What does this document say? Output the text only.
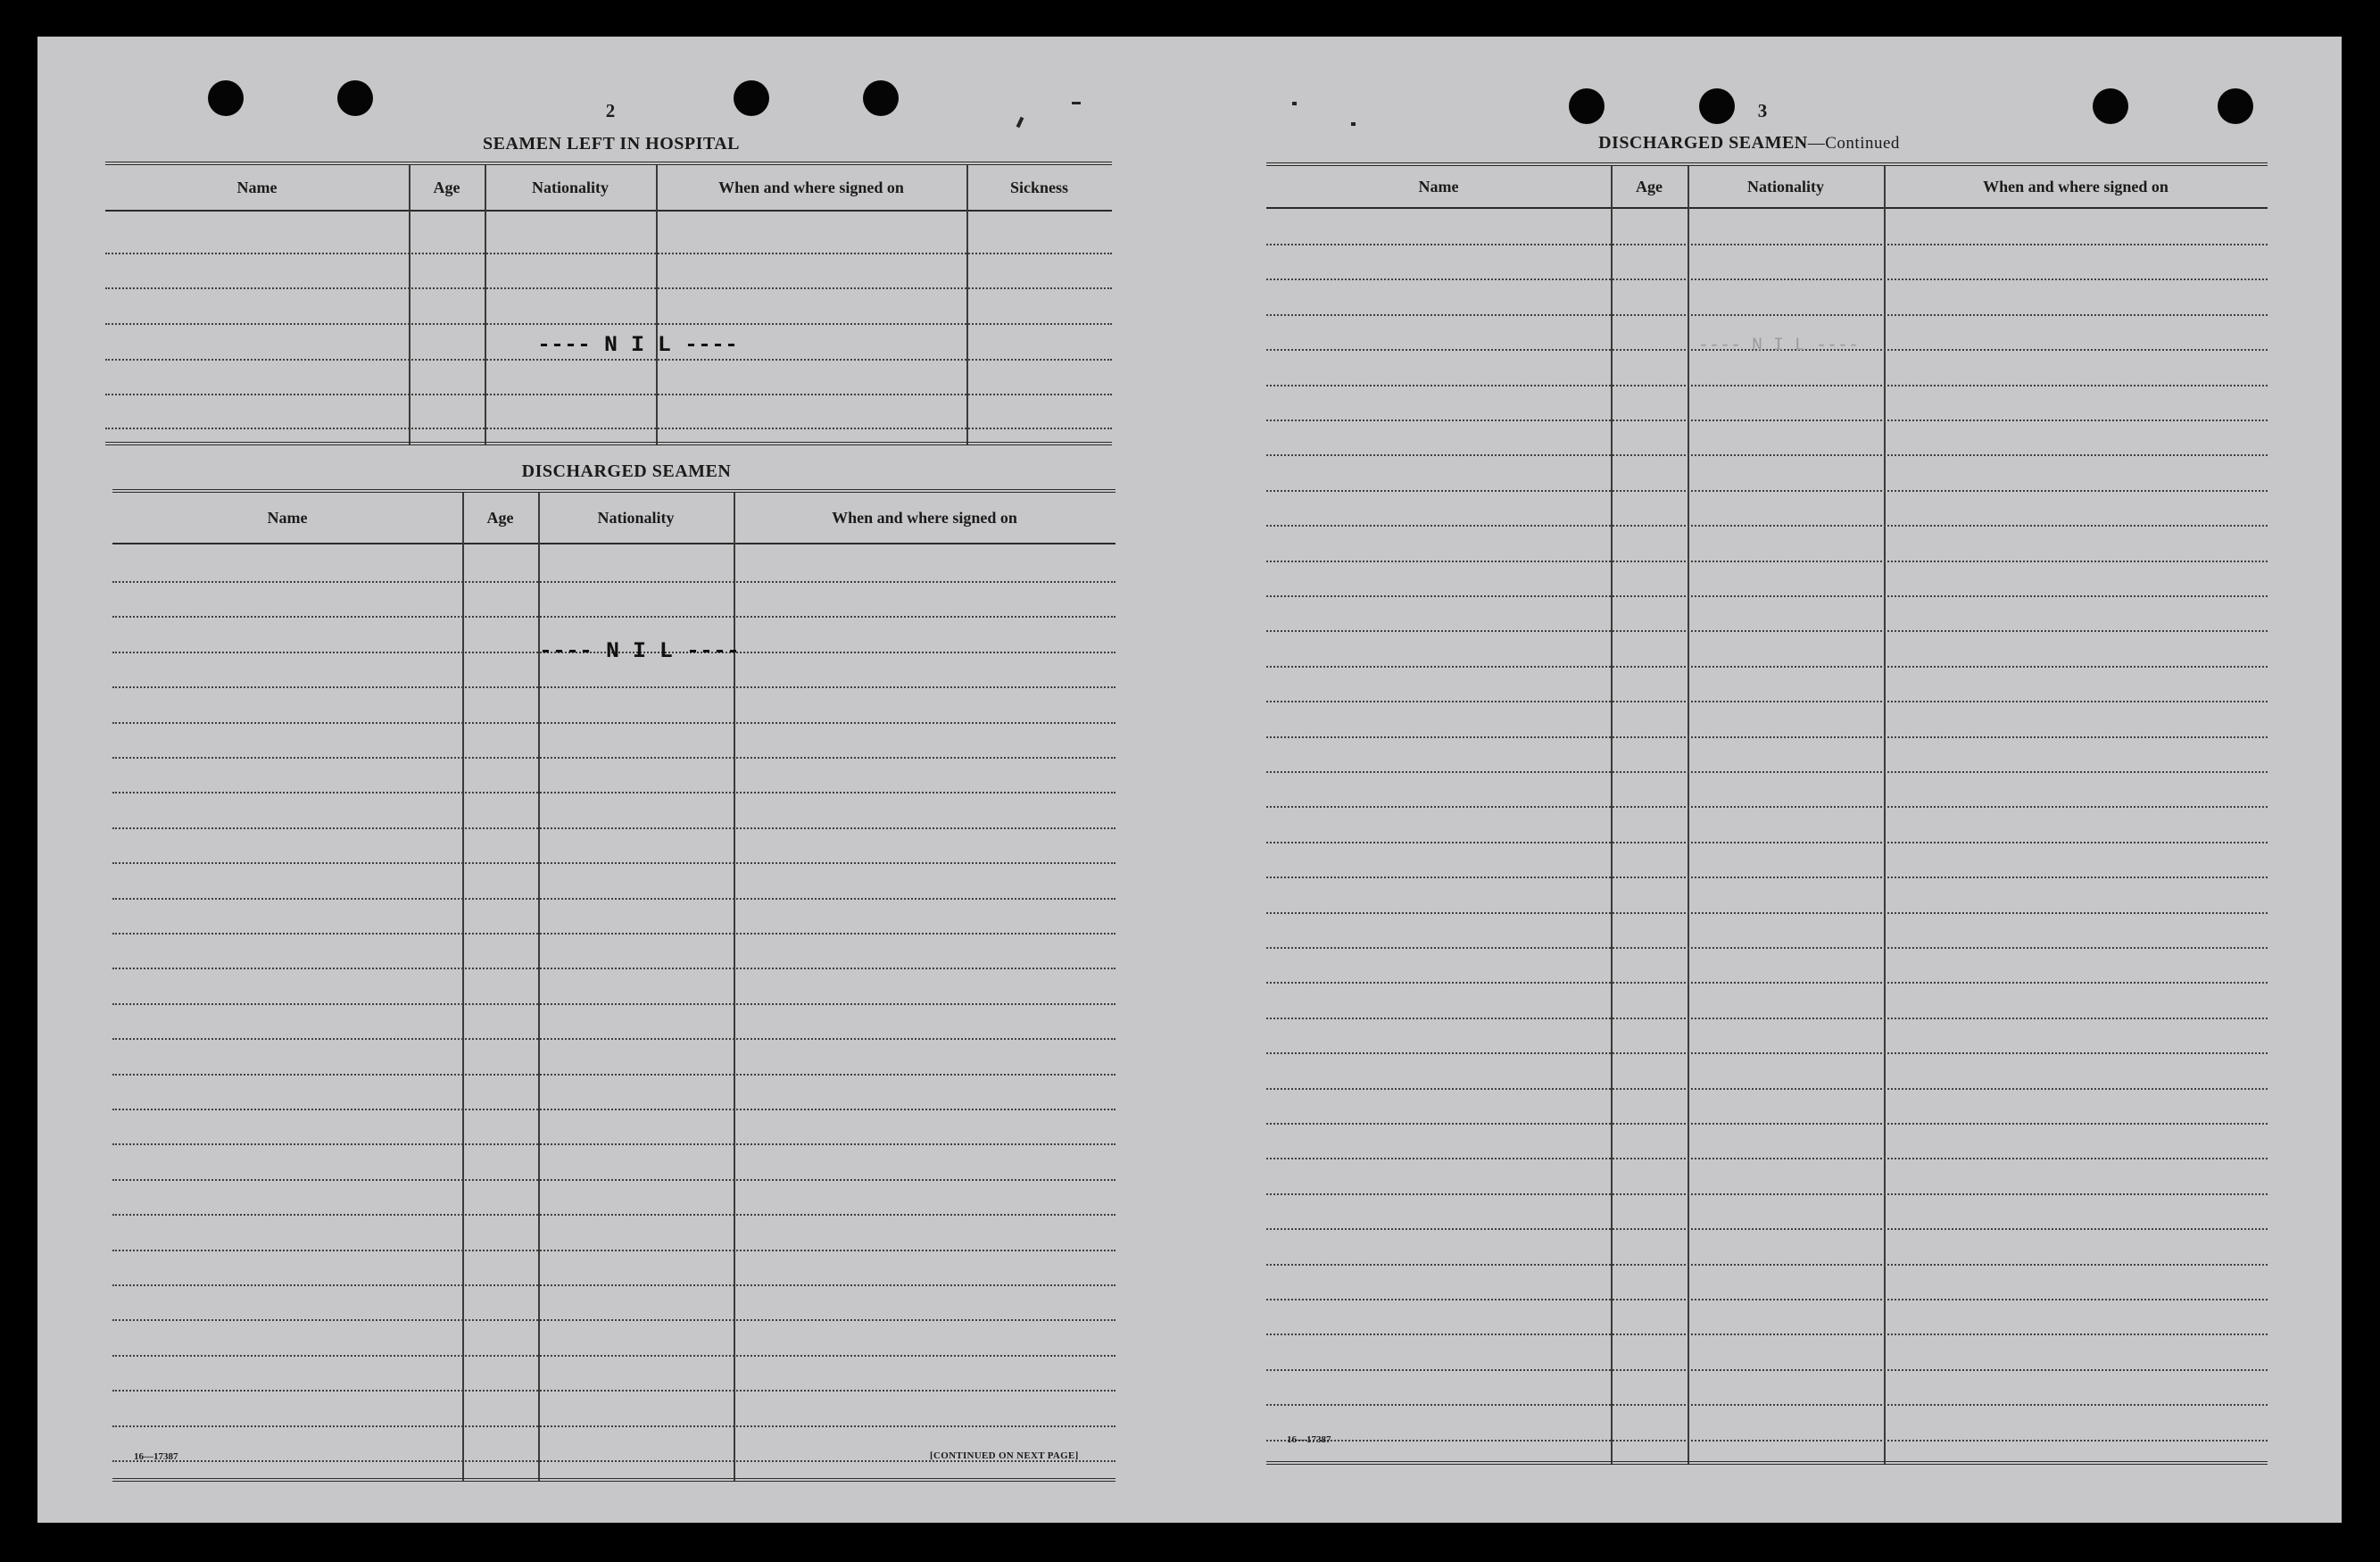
2
SEAMEN LEFT IN HOSPITAL
Name	Age	Nationality	When and where signed on	Sickness
---- N I L ----
DISCHARGED SEAMEN
Name	Age	Nationality	When and where signed on
---- N I L ----
16—17387	[CONTINUED ON NEXT PAGE]
3
DISCHARGED SEAMEN—Continued
Name	Age	Nationality	When and where signed on
---- N I L ----
16—17387
